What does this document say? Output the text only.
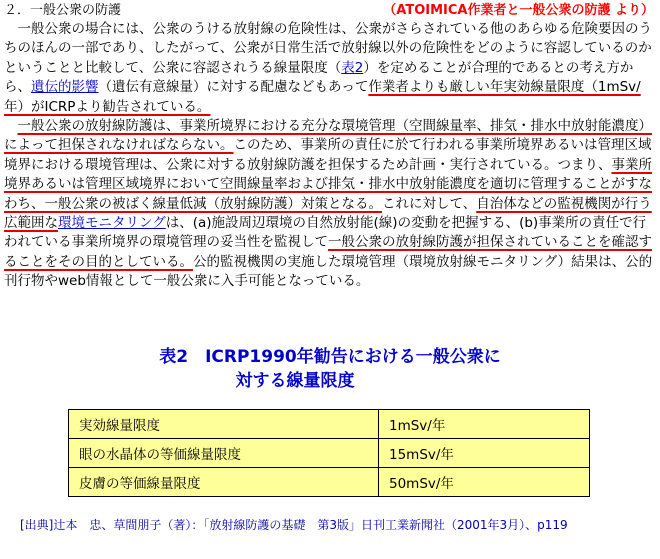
２．一般公衆の防護	（ATOIMICA作業者と一般公衆の防護 より）

一般公衆の場合には、公衆のうける放射線の危険性は、公衆がさらされている他のあらゆる危険要因のうちのほんの一部であり、したがって、公衆が日常生活で放射線以外の危険性をどのように容認しているのかということと比較して、公衆に容認されうる線量限度（表2）を定めることが合理的であるとの考え方から、遺伝的影響（遺伝有意線量）に対する配慮などもあって作業者よりも厳しい年実効線量限度（1mSv/年）がICRPより勧告されている。

一般公衆の放射線防護は、事業所境界における充分な環境管理（空間線量率、排気・排水中放射能濃度）によって担保されなければならない。このため、事業所の責任に於て行われる事業所境界あるいは管理区域境界における環境管理は、公衆に対する放射線防護を担保するため計画・実行されている。つまり、事業所境界あるいは管理区域境界において空間線量率および排気・排水中放射能濃度を適切に管理することがすなわち、一般公衆の被ばく線量低減（放射線防護）対策となる。これに対して、自治体などの監視機関が行う広範囲な環境モニタリングは、(a)施設周辺環境の自然放射能(線)の変動を把握する、(b)事業所の責任で行われている事業所境界の環境管理の妥当性を監視して一般公衆の放射線防護が担保されていることを確認することをその目的としている。公的監視機関の実施した環境管理（環境放射線モニタリング）結果は、公的刊行物やweb情報として一般公衆に入手可能となっている。

表2　ICRP1990年勧告における一般公衆に
対する線量限度
実効線量限度	1mSv/年
眼の水晶体の等価線量限度	15mSv/年
皮膚の等価線量限度	50mSv/年
[出典]辻本　忠、草間朋子（著）：「放射線防護の基礎　第3版」日刊工業新聞社（2001年3月）、p119
